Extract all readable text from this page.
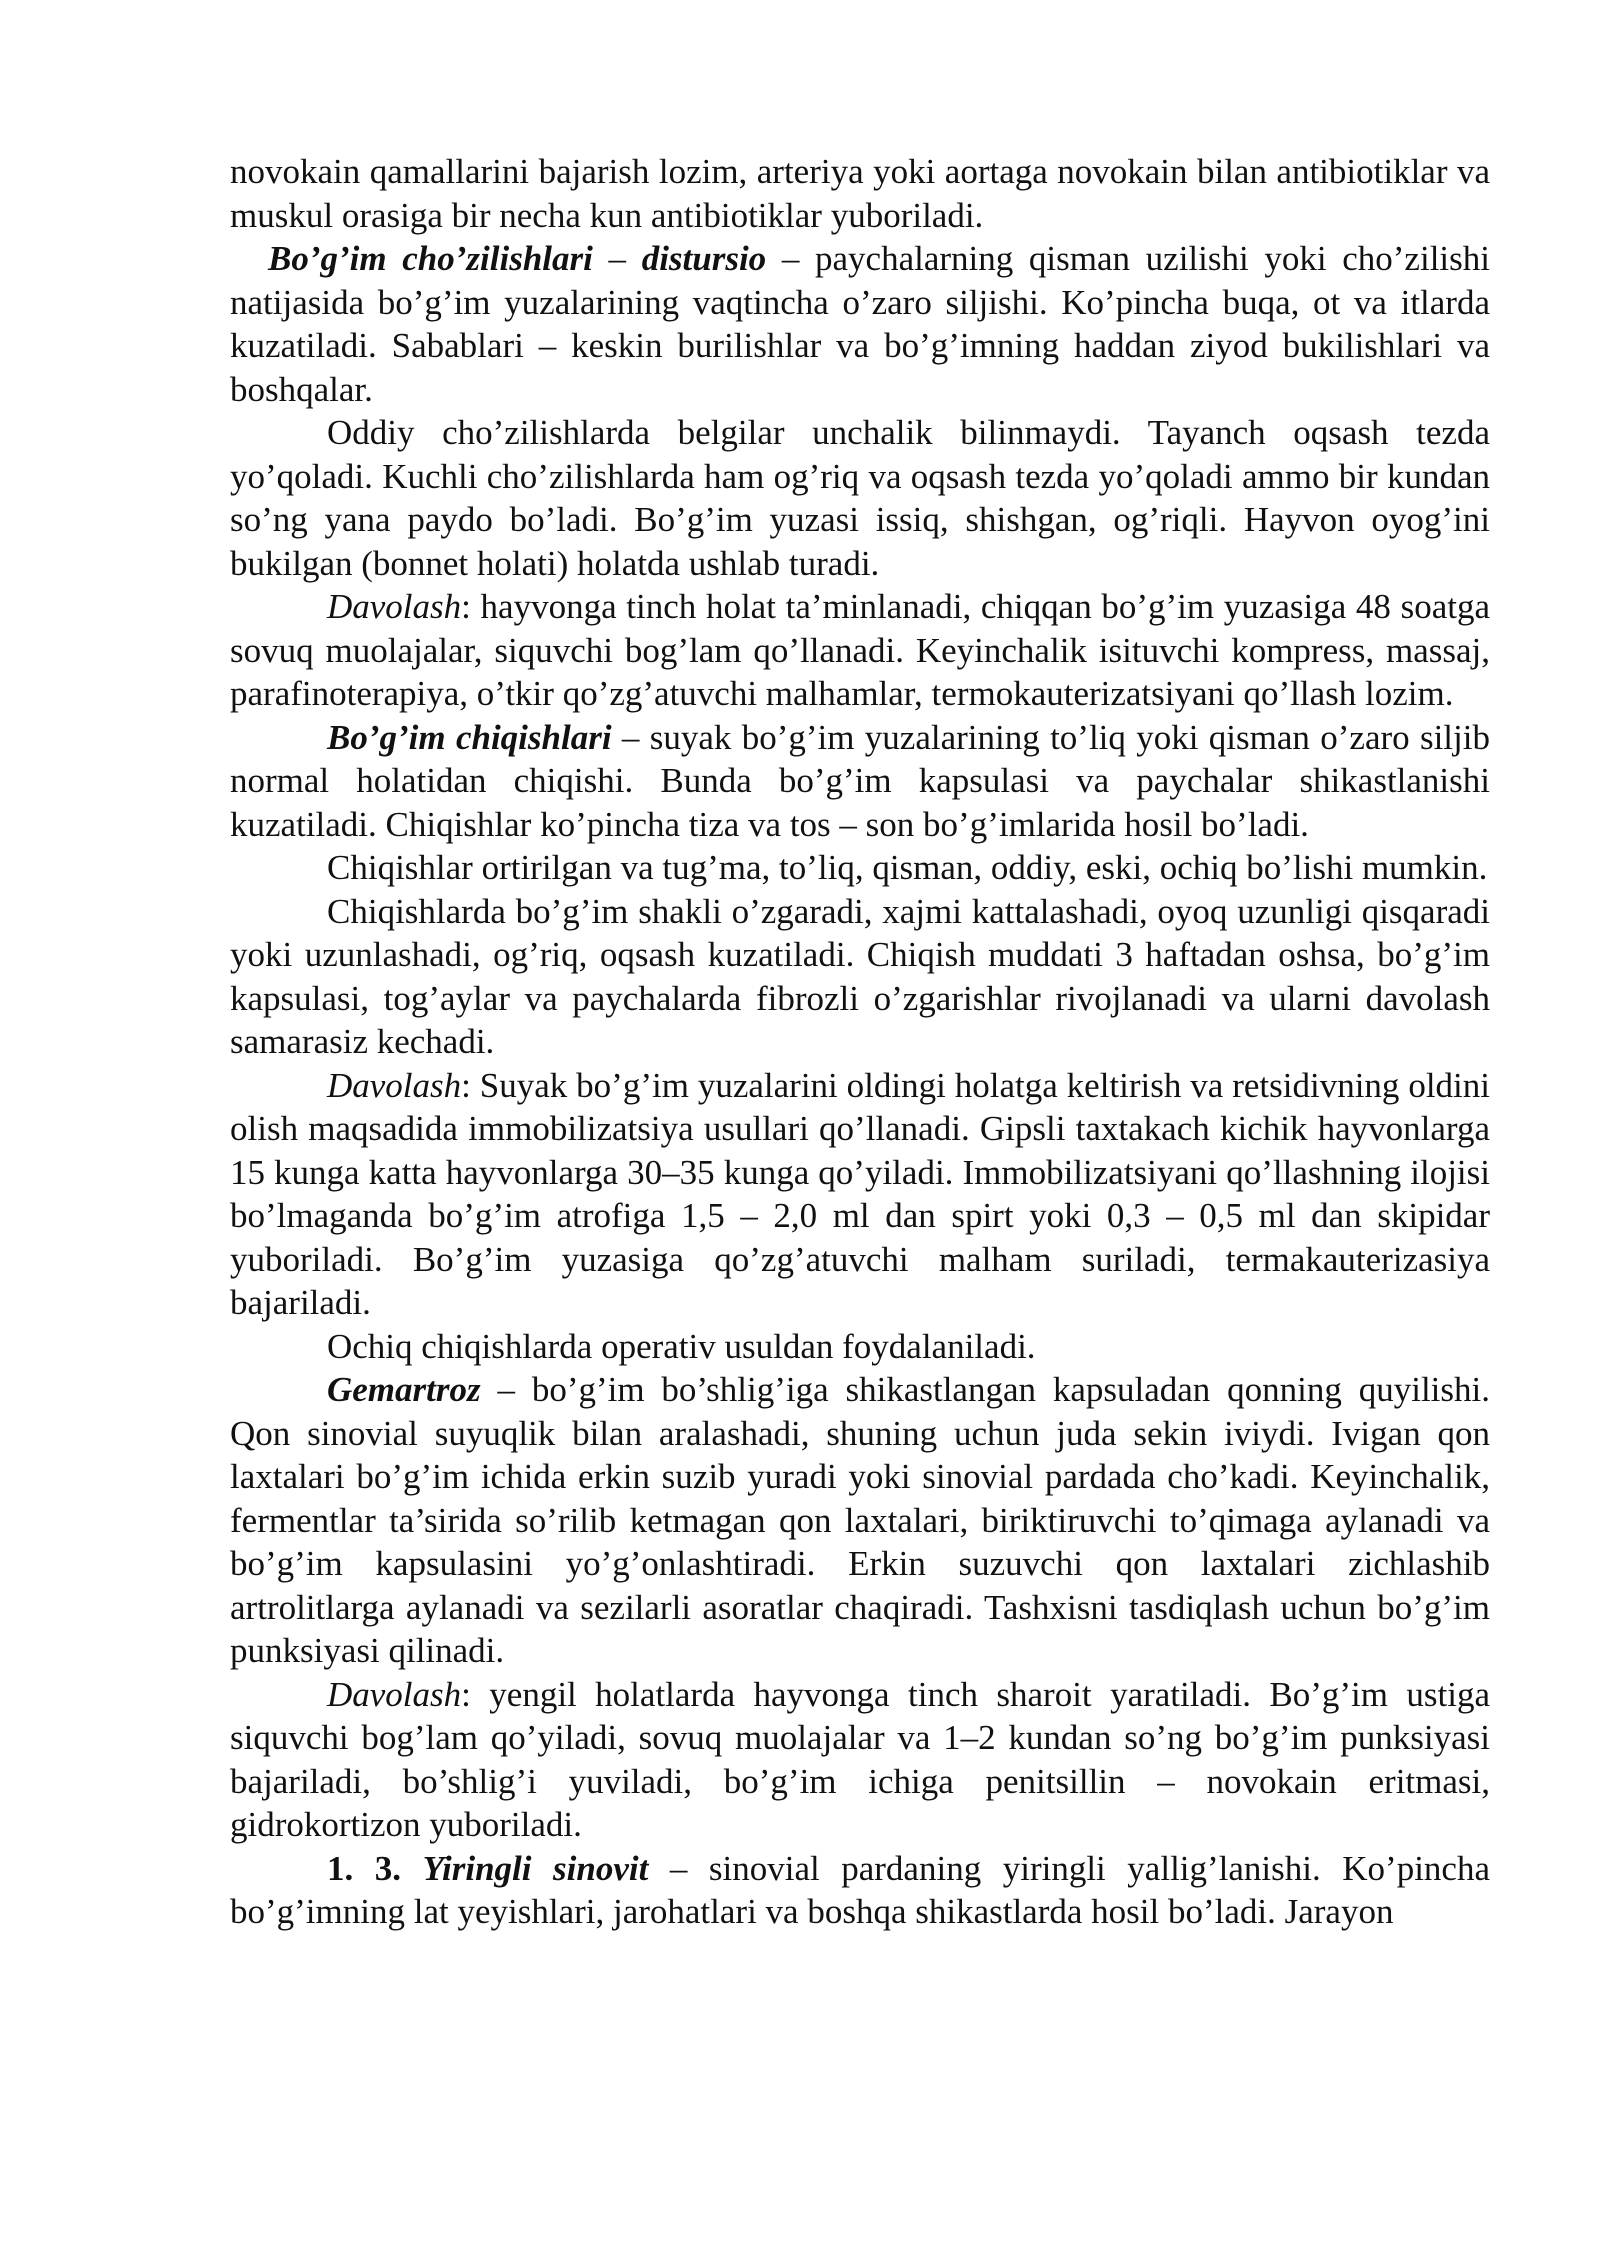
novokain qamallarini bajarish lozim, arteriya yoki aortaga novokain bilan antibiotiklar va muskul orasiga bir necha kun antibiotiklar yuboriladi.

Bo’g’im cho’zilishlari – distursio – paychalarning qisman uzilishi yoki cho’zilishi natijasida bo’g’im yuzalarining vaqtincha o’zaro siljishi. Ko’pincha buqa, ot va itlarda kuzatiladi. Sabablari – keskin burilishlar va bo’g’imning haddan ziyod bukilishlari va boshqalar.

Oddiy cho’zilishlarda belgilar unchalik bilinmaydi. Tayanch oqsash tezda yo’qoladi. Kuchli cho’zilishlarda ham og’riq va oqsash tezda yo’qoladi ammo bir kundan so’ng yana paydo bo’ladi. Bo’g’im yuzasi issiq, shishgan, og’riqli. Hayvon oyog’ini bukilgan (bonnet holati) holatda ushlab turadi.

Davolash: hayvonga tinch holat ta’minlanadi, chiqqan bo’g’im yuzasiga 48 soatga sovuq muolajalar, siquvchi bog’lam qo’llanadi. Keyinchalik isituvchi kompress, massaj, parafinoterapiya, o’tkir qo’zg’atuvchi malhamlar, termokauterizatsiyani qo’llash lozim.

Bo’g’im chiqishlari – suyak bo’g’im yuzalarining to’liq yoki qisman o’zaro siljib normal holatidan chiqishi. Bunda bo’g’im kapsulasi va paychalar shikastlanishi kuzatiladi. Chiqishlar ko’pincha tiza va tos – son bo’g’imlarida hosil bo’ladi.

Chiqishlar ortirilgan va tug’ma, to’liq, qisman, oddiy, eski, ochiq bo’lishi mumkin.

Chiqishlarda bo’g’im shakli o’zgaradi, xajmi kattalashadi, oyoq uzunligi qisqaradi yoki uzunlashadi, og’riq, oqsash kuzatiladi. Chiqish muddati 3 haftadan oshsa, bo’g’im kapsulasi, tog’aylar va paychalarda fibrozli o’zgarishlar rivojlanadi va ularni davolash samarasiz kechadi.

Davolash: Suyak bo’g’im yuzalarini oldingi holatga keltirish va retsidivning oldini olish maqsadida immobilizatsiya usullari qo’llanadi. Gipsli taxtakach kichik hayvonlarga 15 kunga katta hayvonlarga 30–35 kunga qo’yiladi. Immobilizatsiyani qo’llashning ilojisi bo’lmaganda bo’g’im atrofiga 1,5 – 2,0 ml dan spirt yoki 0,3 – 0,5 ml dan skipidar yuboriladi. Bo’g’im yuzasiga qo’zg’atuvchi malham suriladi, termakauterizasiya bajariladi.

Ochiq chiqishlarda operativ usuldan foydalaniladi.

Gemartroz – bo’g’im bo’shlig’iga shikastlangan kapsuladan qonning quyilishi. Qon sinovial suyuqlik bilan aralashadi, shuning uchun juda sekin iviydi. Ivigan qon laxtalari bo’g’im ichida erkin suzib yuradi yoki sinovial pardada cho’kadi. Keyinchalik, fermentlar ta’sirida so’rilib ketmagan qon laxtalari, biriktiruvchi to’qimaga aylanadi va bo’g’im kapsulasini yo’g’onlashtiradi. Erkin suzuvchi qon laxtalari zichlashib artrolitlarga aylanadi va sezilarli asoratlar chaqiradi. Tashxisni tasdiqlash uchun bo’g’im punksiyasi qilinadi.

Davolash: yengil holatlarda hayvonga tinch sharoit yaratiladi. Bo’g’im ustiga siquvchi bog’lam qo’yiladi, sovuq muolajalar va 1–2 kundan so’ng bo’g’im punksiyasi bajariladi, bo’shlig’i yuviladi, bo’g’im ichiga penitsillin – novokain eritmasi, gidrokortizon yuboriladi.

1. 3. Yiringli sinovit – sinovial pardaning yiringli yallig’lanishi. Ko’pincha bo’g’imning lat yeyishlari, jarohatlari va boshqa shikastlarda hosil bo’ladi. Jarayon
